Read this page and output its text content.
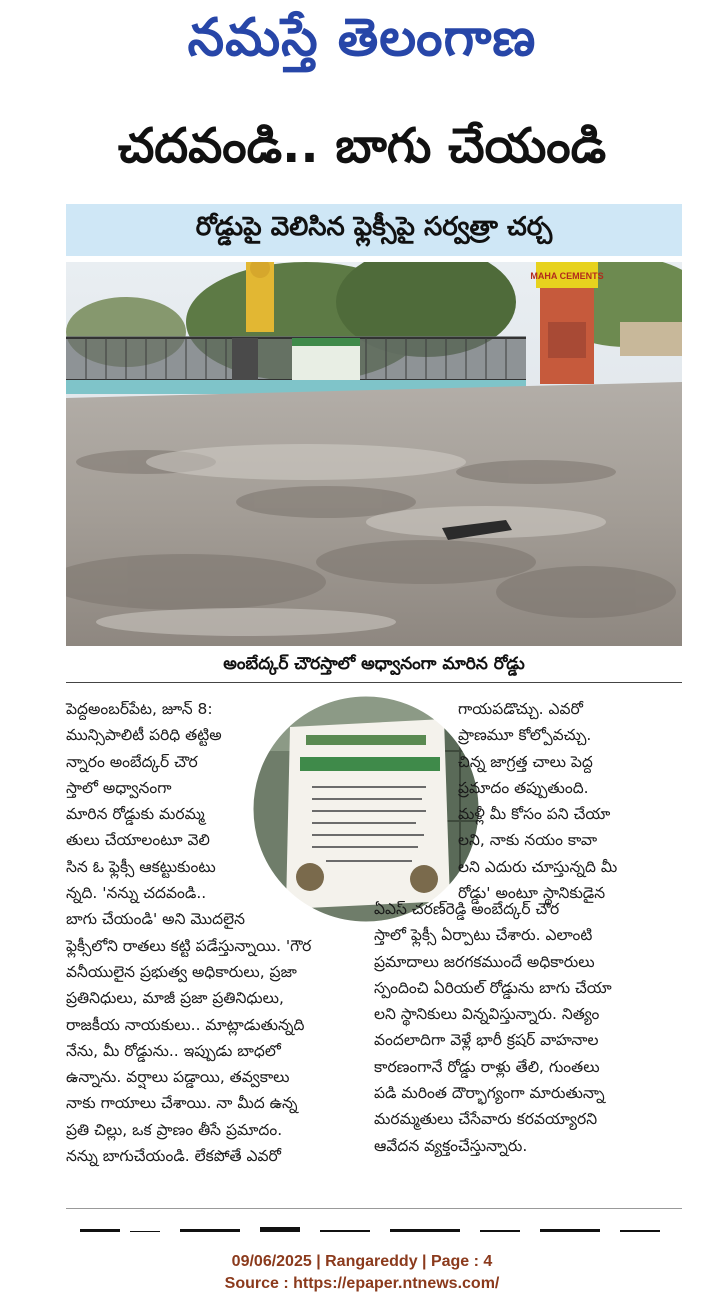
నమస్తే తెలంగాణ
చదవండి.. బాగు చేయండి
రోడ్డుపై వెలిసిన ఫ్లెక్సీపై సర్వత్రా చర్చ
MAHA CEMENTS
అంబేద్కర్ చౌరస్తాలో అధ్వానంగా మారిన రోడ్డు
పెద్దఅంబర్‌పేట, జూన్ 8:
మున్సిపాలిటీ పరిధి తట్టిఅ
న్నారం అంబేద్కర్ చౌర
స్తాలో అధ్వానంగా
మారిన రోడ్డుకు మరమ్మ
తులు చేయాలంటూ వెలి
సిన ఓ ఫ్లెక్సీ ఆకట్టుకుంటు
న్నది. 'నన్ను చదవండి..
బాగు చేయండి' అని మొదలైన
ఫ్లెక్సీలోని రాతలు కట్టి పడేస్తున్నాయి. 'గౌర
వనీయులైన ప్రభుత్వ అధికారులు, ప్రజా
ప్రతినిధులు, మాజీ ప్రజా ప్రతినిధులు,
రాజకీయ నాయకులు.. మాట్లాడుతున్నది
నేను, మీ రోడ్డును.. ఇప్పుడు బాధలో
ఉన్నాను. వర్షాలు పడ్డాయి, తవ్వకాలు
నాకు గాయాలు చేశాయి. నా మీద ఉన్న
ప్రతి చిల్లు, ఒక ప్రాణం తీసే ప్రమాదం.
నన్ను బాగుచేయండి. లేకపోతే ఎవరో
గాయపడొచ్చు. ఎవరో
ప్రాణమూ కోల్పోవచ్చు.
చిన్న జాగ్రత్త చాలు పెద్ద
ప్రమాదం తప్పుతుంది.
మళ్లీ మీ కోసం పని చేయా
లని, నాకు నయం కావా
లని ఎదురు చూస్తున్నది మీ
రోడ్డు' అంటూ స్థానికుడైన
ఏఎస్ చరణ్‌రెడ్డి అంబేద్కర్ చౌర
స్తాలో ఫ్లెక్సీ ఏర్పాటు చేశారు. ఎలాంటి
ప్రమాదాలు జరగకముందే అధికారులు
స్పందించి ఏరియల్ రోడ్డును బాగు చేయా
లని స్థానికులు విన్నవిస్తున్నారు. నిత్యం
వందలాదిగా వెళ్లే భారీ క్రషర్ వాహనాల
కారణంగానే రోడ్డు రాళ్లు తేలి, గుంతలు
పడి మరింత దౌర్భాగ్యంగా మారుతున్నా
మరమ్మతులు చేసేవారు కరవయ్యారని
ఆవేదన వ్యక్తంచేస్తున్నారు.
09/06/2025 | Rangareddy | Page : 4
Source : https://epaper.ntnews.com/
